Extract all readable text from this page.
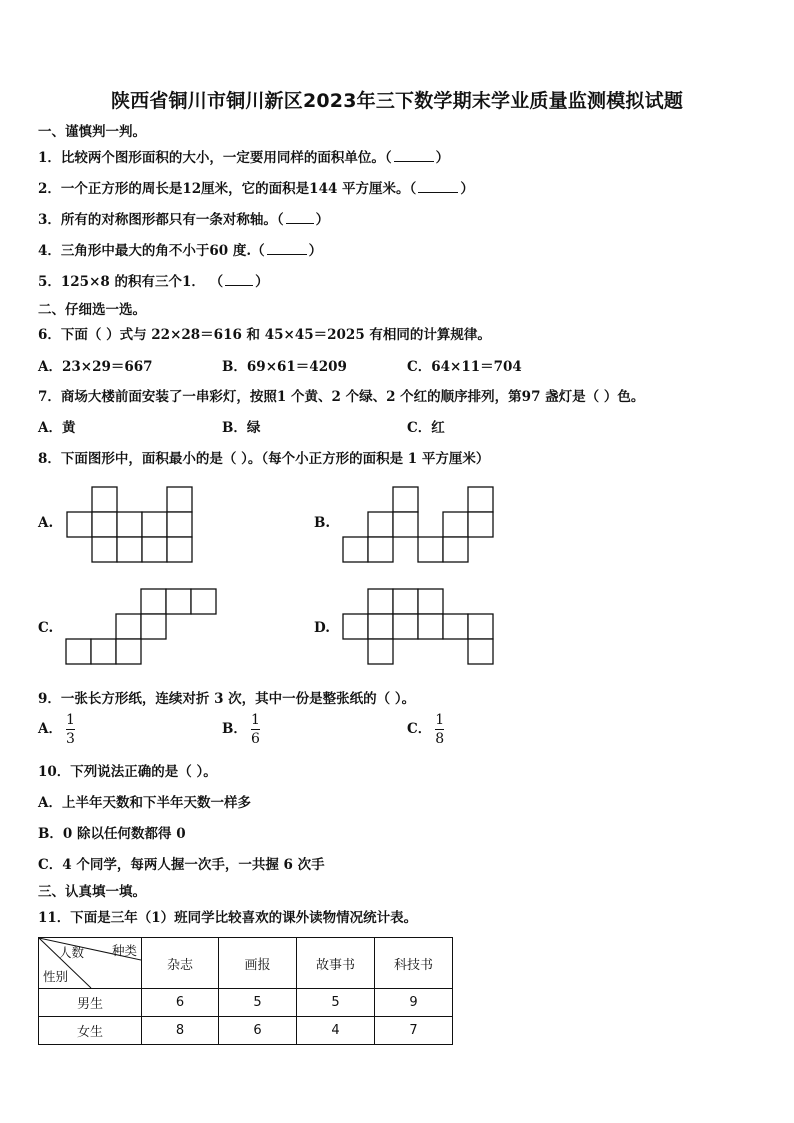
陕西省铜川市铜川新区2023年三下数学期末学业质量监测模拟试题
一、谨慎判一判。
1．比较两个图形面积的大小，一定要用同样的面积单位。（	）
2．一个正方形的周长是12厘米，它的面积是144 平方厘米。（	）
3．所有的对称图形都只有一条对称轴。（ ）
4．三角形中最大的角不小于60 度.（	）
5．125×8 的积有三个1． （ ）
二、仔细选一选。
6．下面（ ）式与 22×28＝616 和 45×45＝2025 有相同的计算规律。
A．23×29＝667	B．69×61＝4209	C．64×11＝704
7．商场大楼前面安装了一串彩灯，按照1 个黄、2 个绿、2 个红的顺序排列，第97 盏灯是（ ）色。
A．黄	B．绿	C．红
8．下面图形中，面积最小的是（ ）。（每个小正方形的面积是 1 平方厘米）
A.	B.
C.	D.
9．一张长方形纸，连续对折 3 次，其中一份是整张纸的（ ）。
A． $\frac{1}{3}$	B． $\frac{1}{6}$	C． $\frac{1}{8}$
10．下列说法正确的是（ ）。
A．上半年天数和下半年天数一样多
B．0 除以任何数都得 0
C．4 个同学，每两人握一次手，一共握 6 次手
三、认真填一填。
11．下面是三年（1）班同学比较喜欢的课外读物情况统计表。
种类
人数
性别	杂志	画报	故事书	科技书
男生	6	5	5	9
女生	8	6	4	7
